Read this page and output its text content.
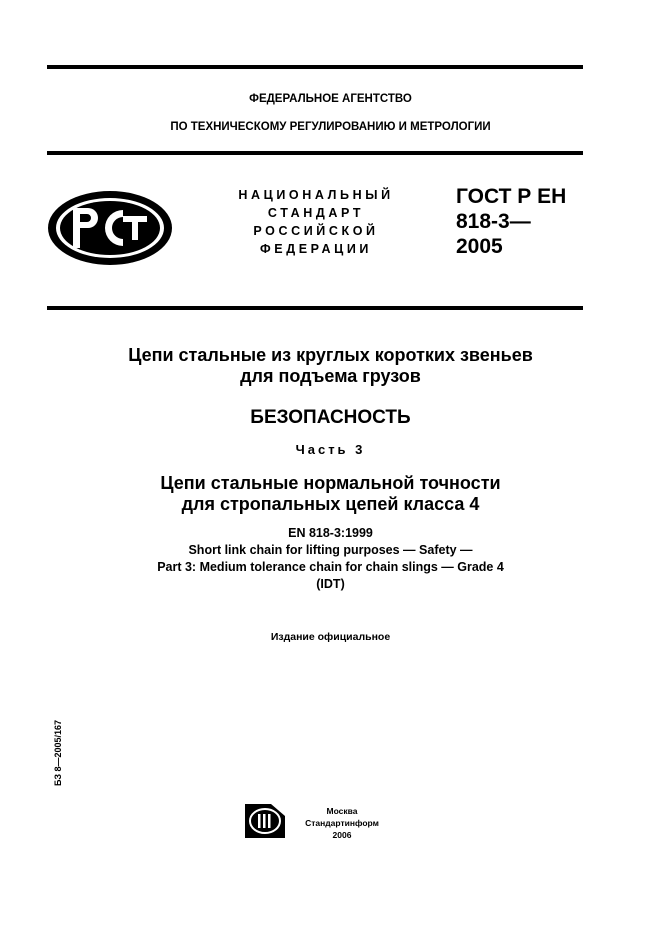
ФЕДЕРАЛЬНОЕ АГЕНТСТВО
ПО ТЕХНИЧЕСКОМУ РЕГУЛИРОВАНИЮ И МЕТРОЛОГИИ
НАЦИОНАЛЬНЫЙ
СТАНДАРТ
РОССИЙСКОЙ
ФЕДЕРАЦИИ
ГОСТ Р ЕН
818-3—
2005
Цепи стальные из круглых коротких звеньев
для подъема грузов
БЕЗОПАСНОСТЬ
Часть 3
Цепи стальные нормальной точности
для стропальных цепей класса 4
EN 818-3:1999
Short link chain for lifting purposes — Safety —
Part 3: Medium tolerance chain for chain slings — Grade 4
(IDT)
Издание официальное
БЗ 8—2005/167
Москва
Стандартинформ
2006
